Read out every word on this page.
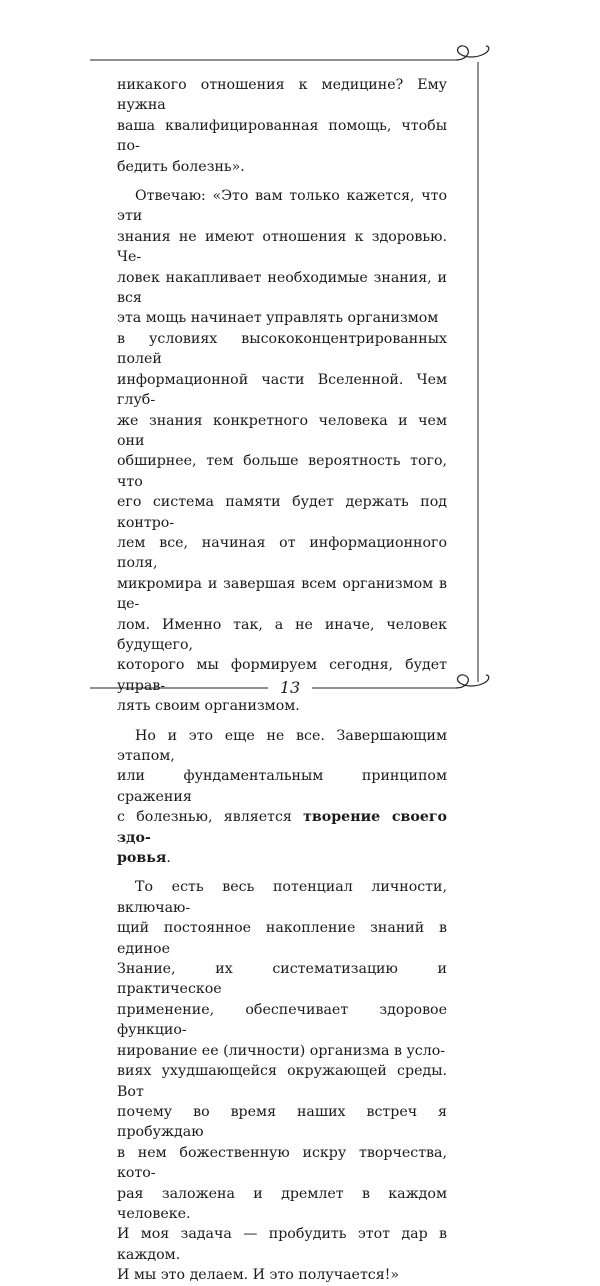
никакого отношения к медицине? Ему нужна
ваша квалифицированная помощь, чтобы по-
бедить болезнь».

Отвечаю: «Это вам только кажется, что эти
знания не имеют отношения к здоровью. Че-
ловек накапливает необходимые знания, и вся
эта мощь начинает управлять организмом
в условиях высококонцентрированных полей
информационной части Вселенной. Чем глуб-
же знания конкретного человека и чем они
обширнее, тем больше вероятность того, что
его система памяти будет держать под контро-
лем все, начиная от информационного поля,
микромира и завершая всем организмом в це-
лом. Именно так, а не иначе, человек будущего,
которого мы формируем сегодня, будет управ-
лять своим организмом.

Но и это еще не все. Завершающим этапом,
или фундаментальным принципом сражения
с болезнью, является творение своего здо-
ровья.

То есть весь потенциал личности, включаю-
щий постоянное накопление знаний в единое
Знание, их систематизацию и практическое
применение, обеспечивает здоровое функцио-
нирование ее (личности) организма в усло-
виях ухудшающейся окружающей среды. Вот
почему во время наших встреч я пробуждаю
в нем божественную искру творчества, кото-
рая заложена и дремлет в каждом человеке.
И моя задача — пробудить этот дар в каждом.
И мы это делаем. И это получается!»

13
